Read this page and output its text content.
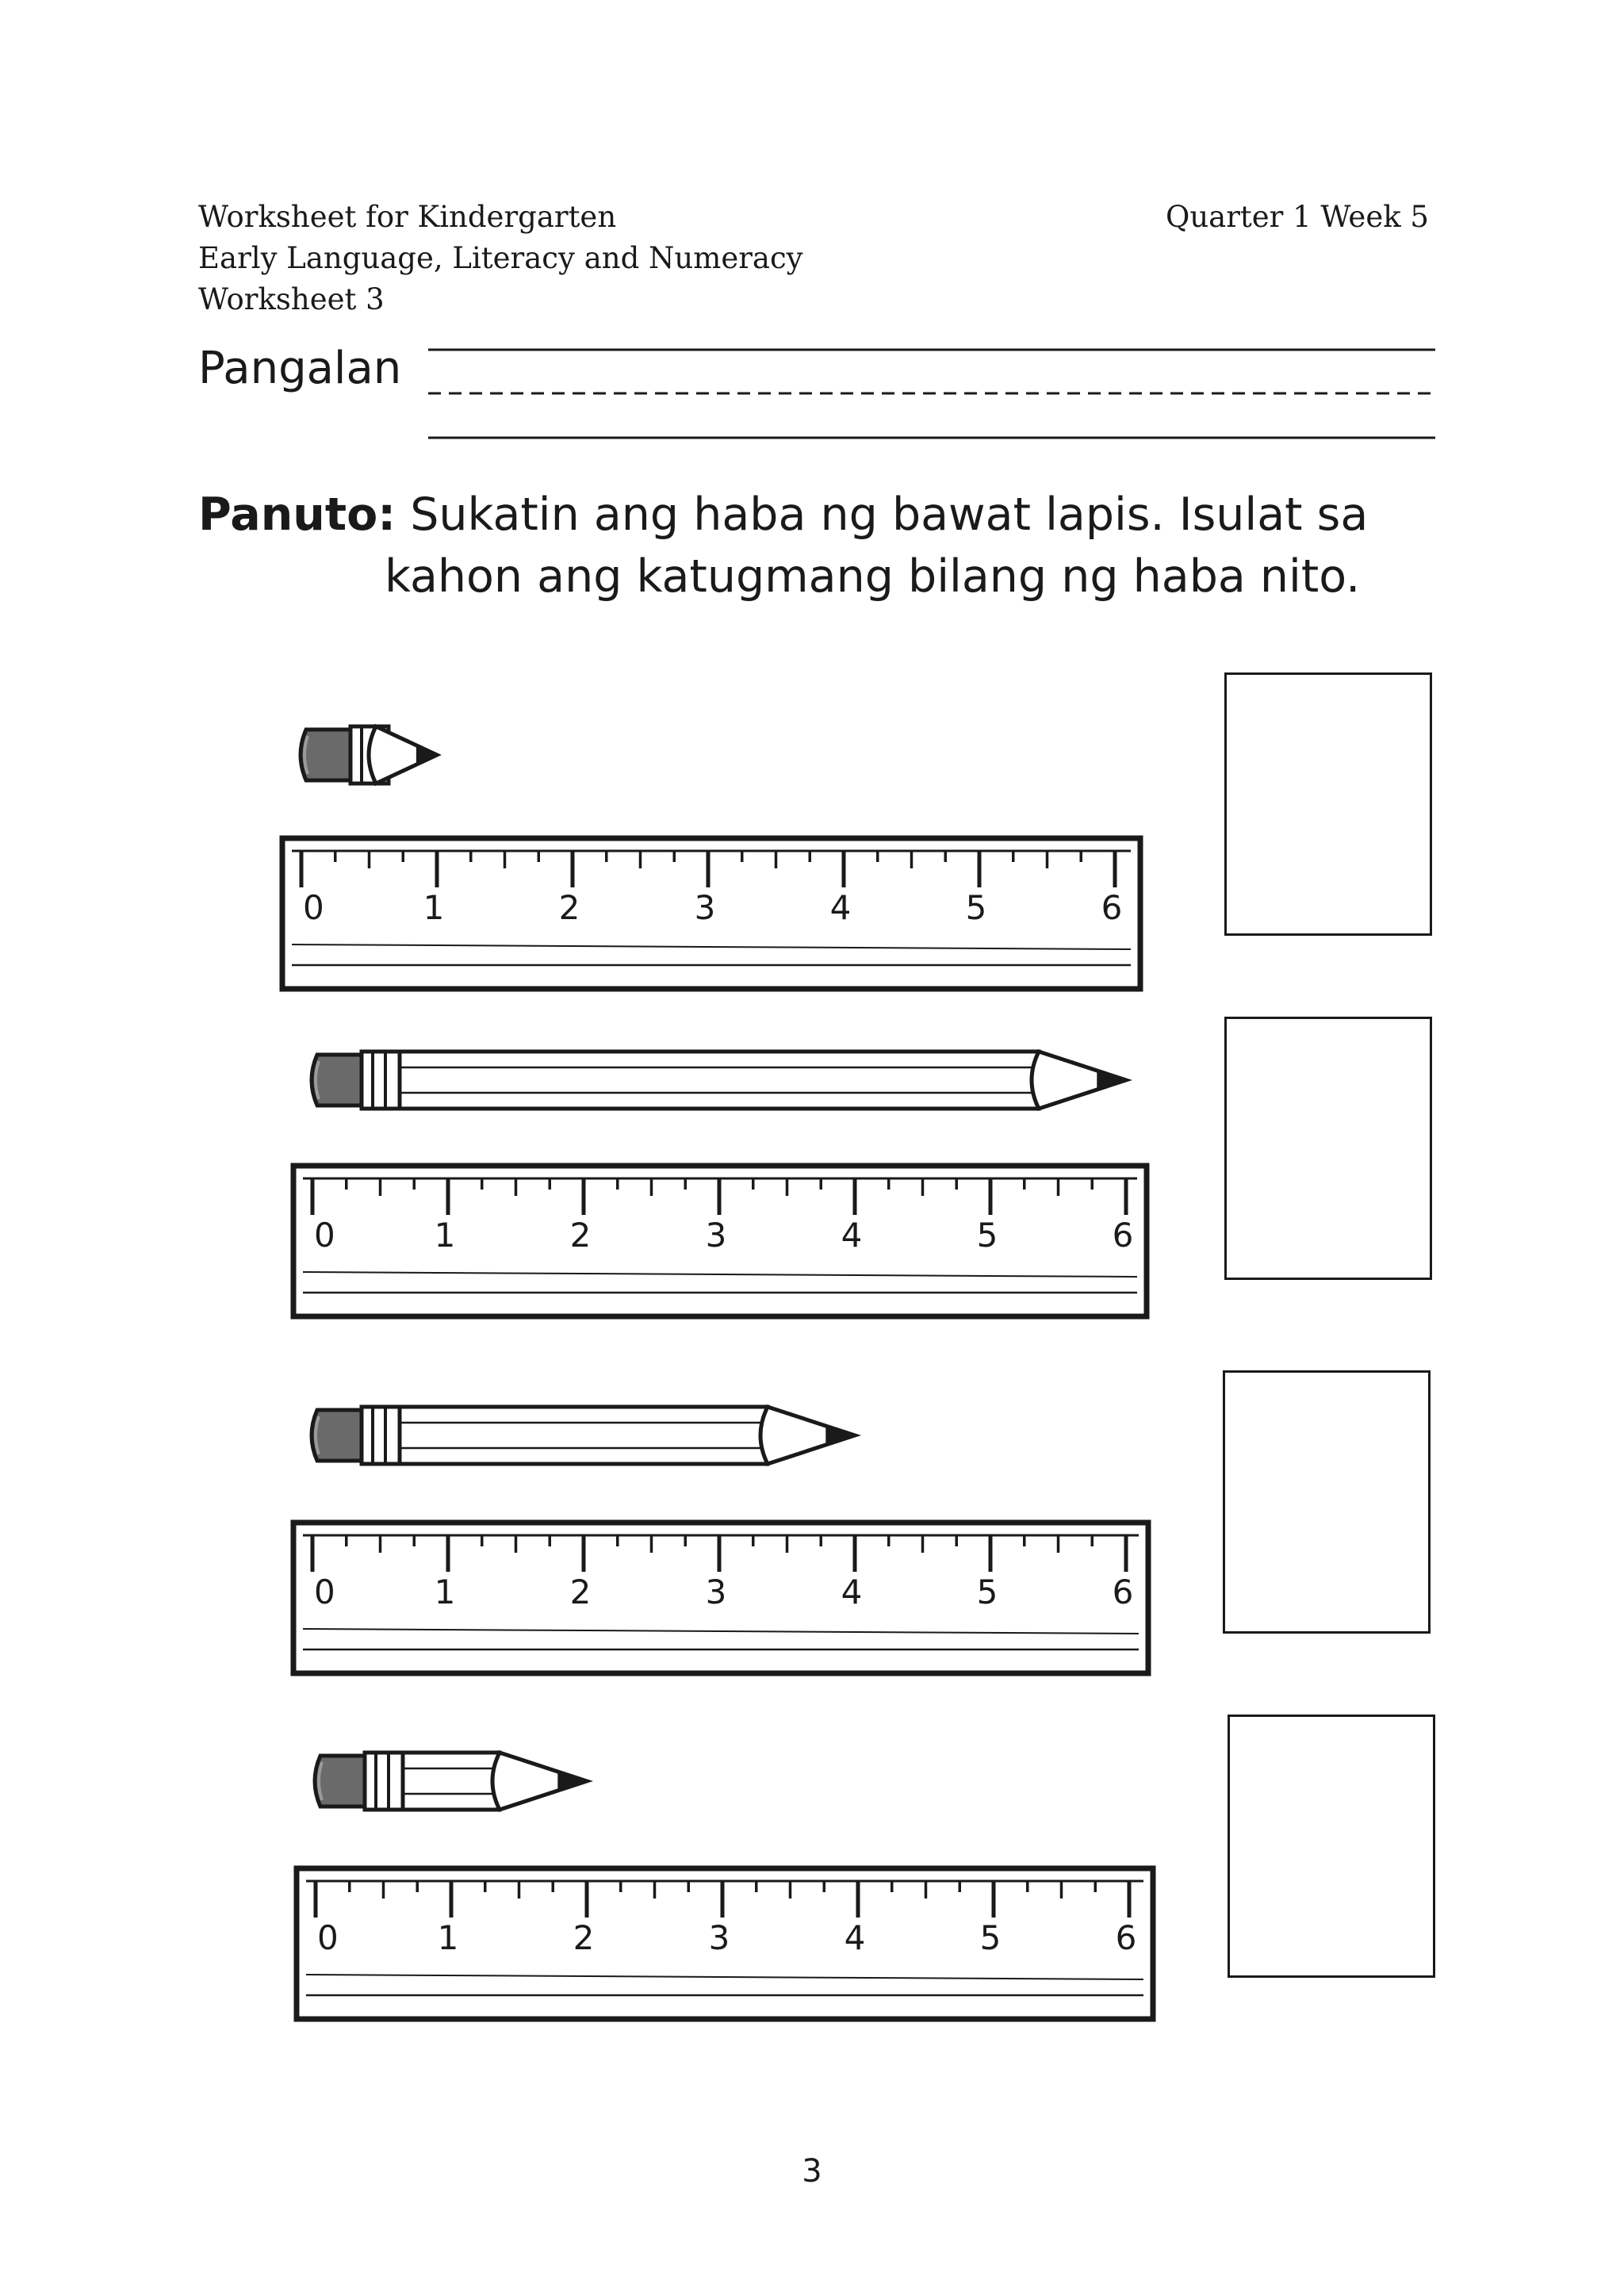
Worksheet for Kindergarten
Early Language, Literacy and Numeracy
Worksheet 3
Quarter 1 Week 5
Pangalan
Panuto: Sukatin ang haba ng bawat lapis. Isulat sa
kahon ang katugmang bilang ng haba nito.
0	1	2	3	4	5	6
0	1	2	3	4	5	6
0	1	2	3	4	5	6
0	1	2	3	4	5	6
3
